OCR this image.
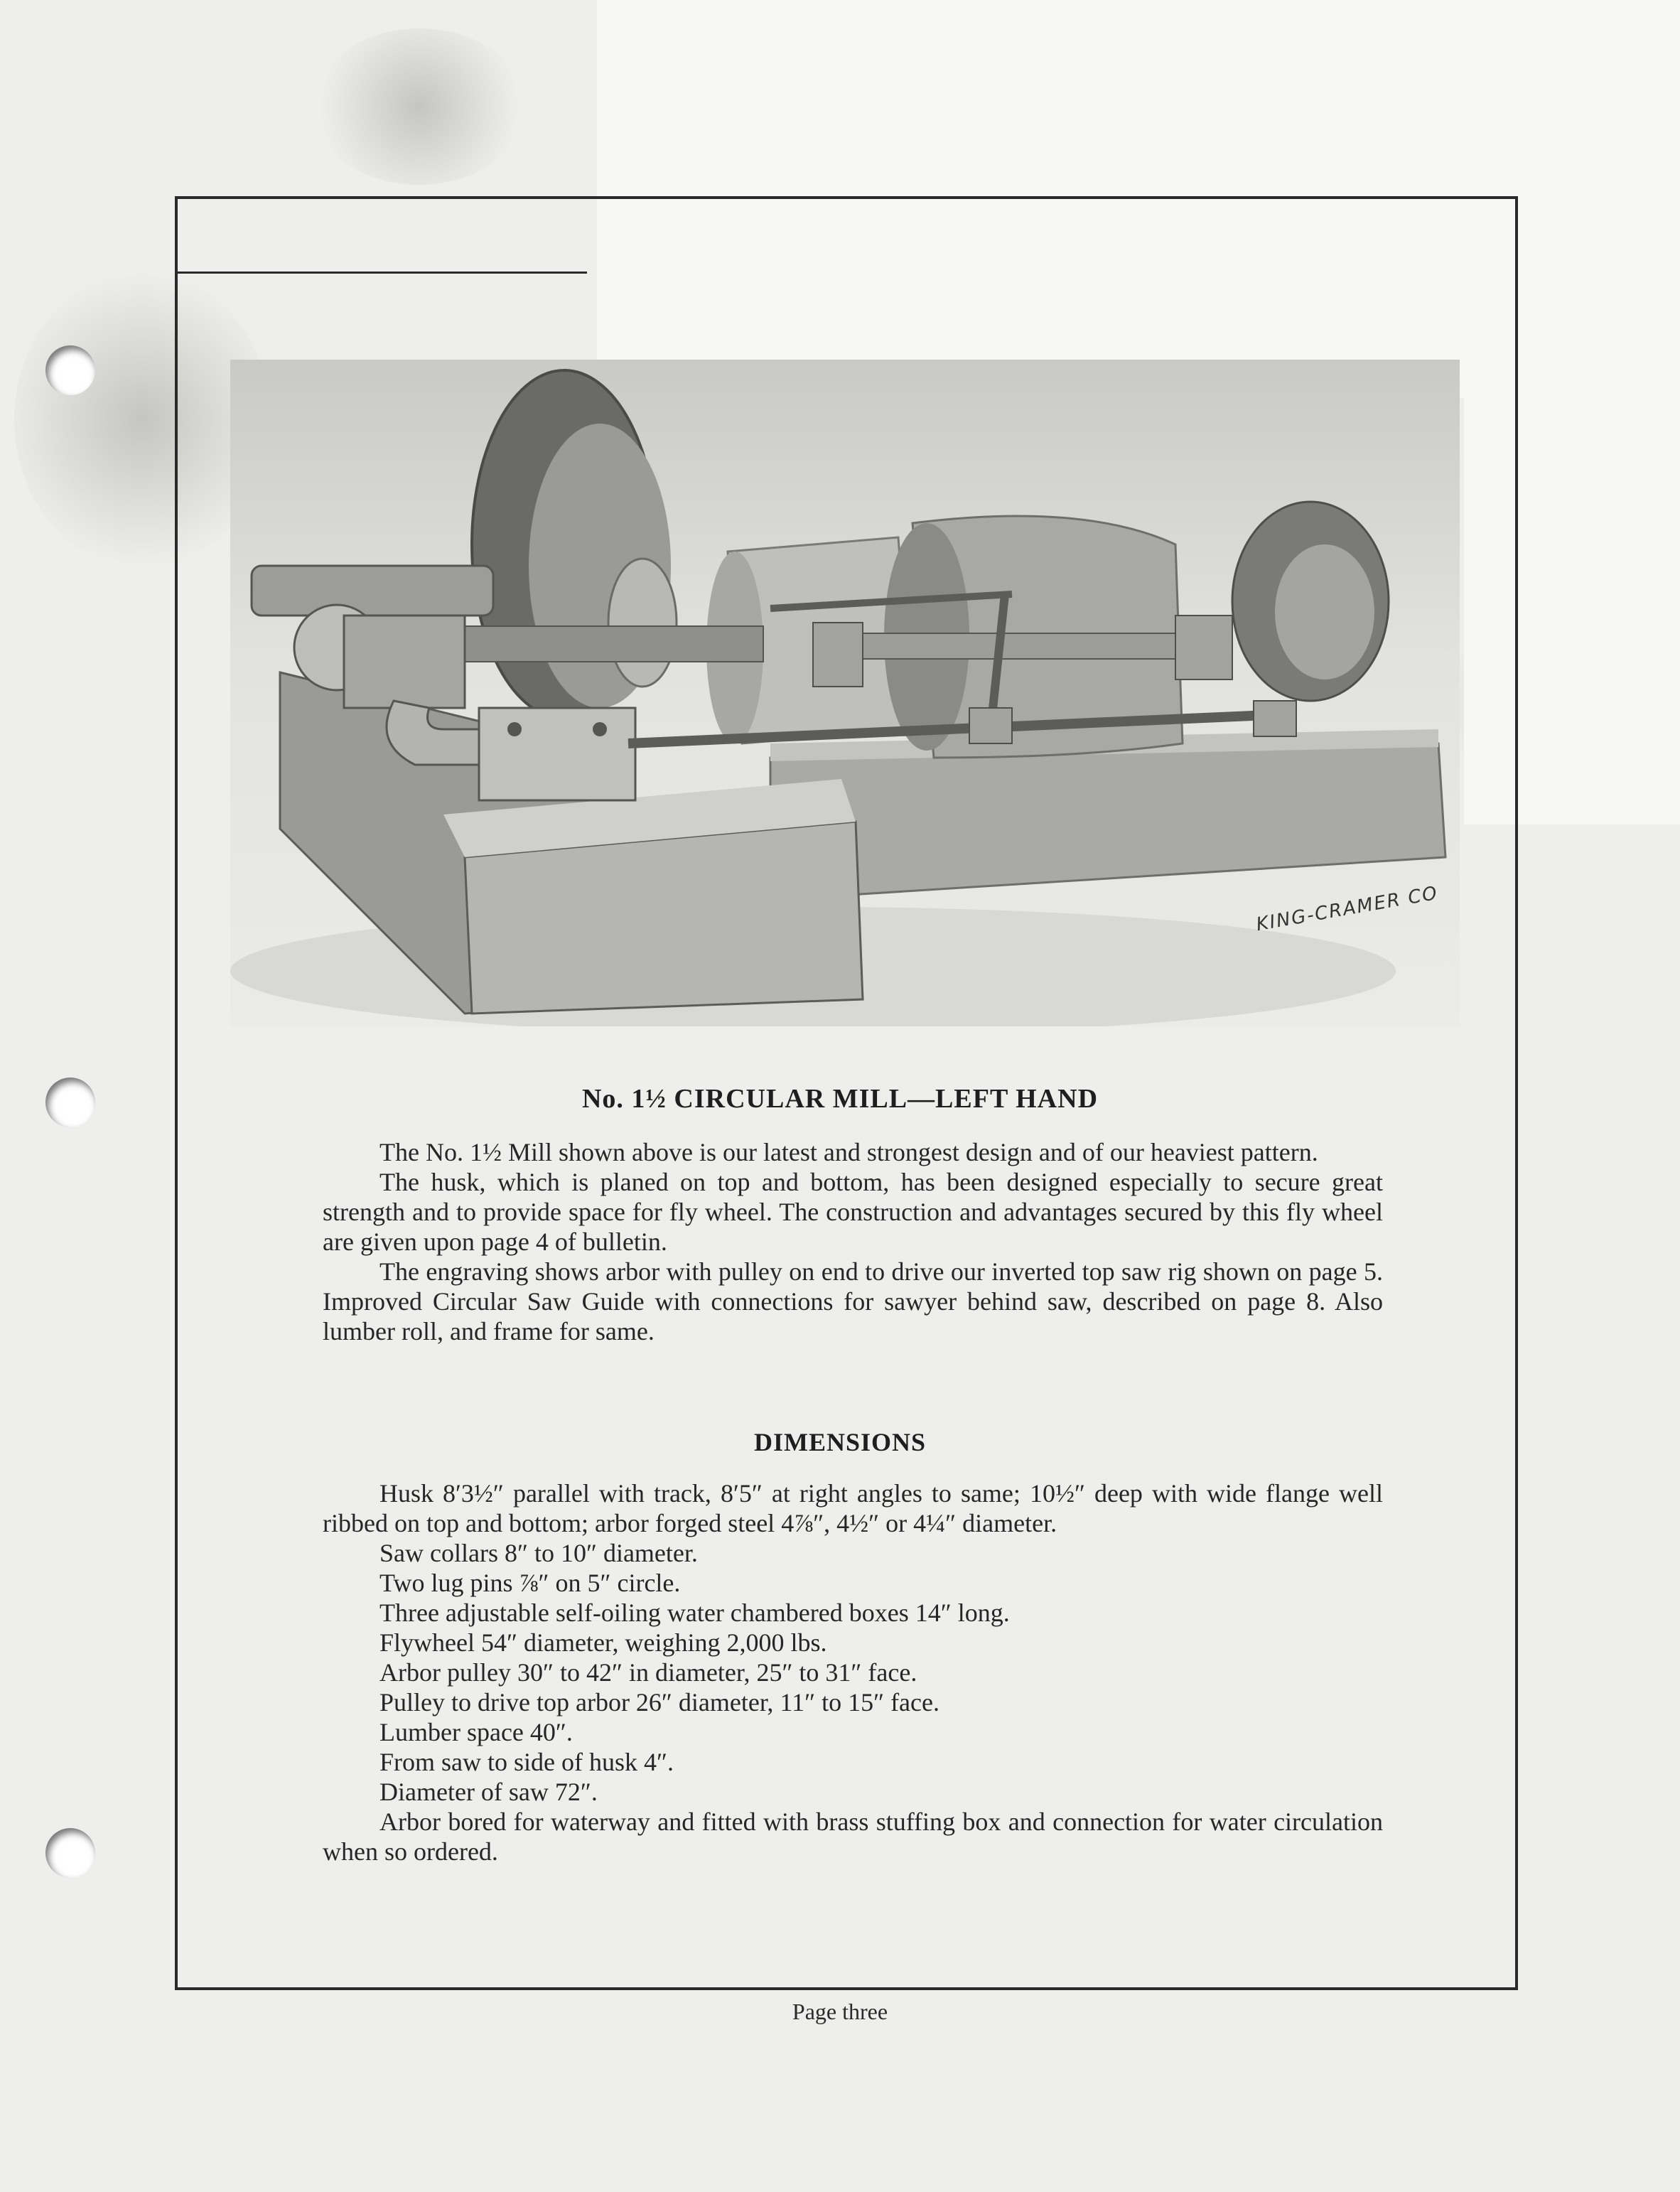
KING-CRAMER CO
No. 1½ CIRCULAR MILL—LEFT HAND

The No. 1½ Mill shown above is our latest and strongest design and of our heaviest pattern.

The husk, which is planed on top and bottom, has been designed especially to secure great strength and to provide space for fly wheel. The construction and advantages secured by this fly wheel are given upon page 4 of bulletin.

The engraving shows arbor with pulley on end to drive our inverted top saw rig shown on page 5. Improved Circular Saw Guide with connections for sawyer behind saw, described on page 8. Also lumber roll, and frame for same.

DIMENSIONS

Husk 8′3½″ parallel with track, 8′5″ at right angles to same; 10½″ deep with wide flange well ribbed on top and bottom; arbor forged steel 4⅞″, 4½″ or 4¼″ diameter.

Saw collars 8″ to 10″ diameter.
Two lug pins ⅞″ on 5″ circle.
Three adjustable self-oiling water chambered boxes 14″ long.
Flywheel 54″ diameter, weighing 2,000 lbs.
Arbor pulley 30″ to 42″ in diameter, 25″ to 31″ face.
Pulley to drive top arbor 26″ diameter, 11″ to 15″ face.
Lumber space 40″.
From saw to side of husk 4″.
Diameter of saw 72″.

Arbor bored for waterway and fitted with brass stuffing box and connection for water circulation when so ordered.

Page three
